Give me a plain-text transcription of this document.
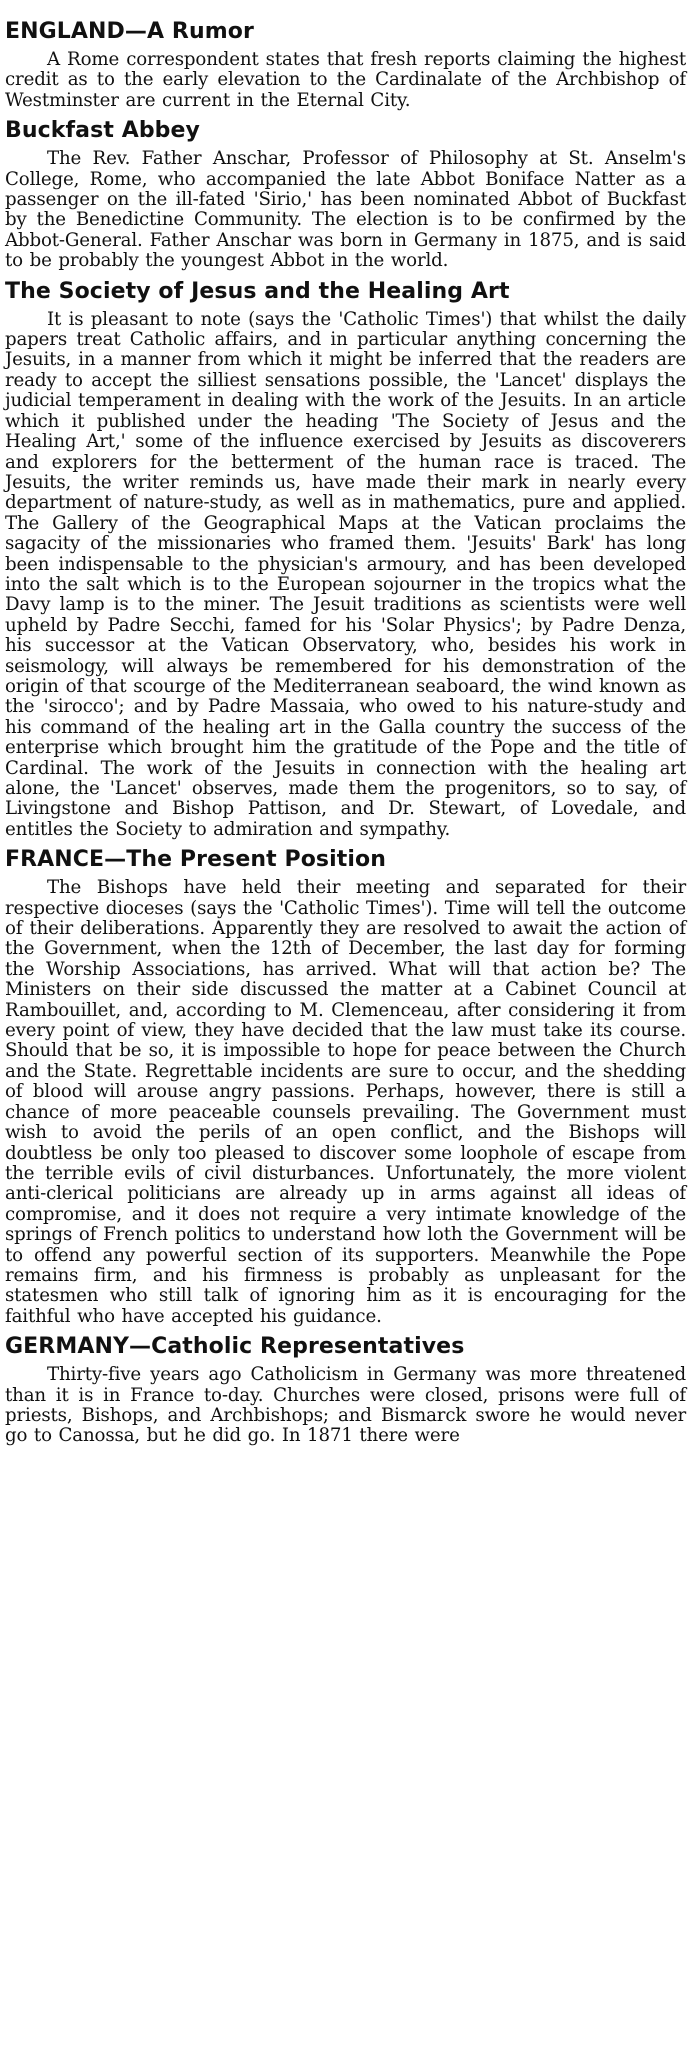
ENGLAND—A Rumor

A Rome correspondent states that fresh reports claiming the highest credit as to the early elevation to the Cardinalate of the Archbishop of Westminster are current in the Eternal City.

Buckfast Abbey

The Rev. Father Anschar, Professor of Philosophy at St. Anselm's College, Rome, who accompanied the late Abbot Boniface Natter as a passenger on the ill-fated 'Sirio,' has been nominated Abbot of Buckfast by the Benedictine Community. The election is to be confirmed by the Abbot-General. Father Anschar was born in Germany in 1875, and is said to be probably the youngest Abbot in the world.

The Society of Jesus and the Healing Art

It is pleasant to note (says the 'Catholic Times') that whilst the daily papers treat Catholic affairs, and in particular anything concerning the Jesuits, in a manner from which it might be inferred that the readers are ready to accept the silliest sensations possible, the 'Lancet' displays the judicial temperament in dealing with the work of the Jesuits. In an article which it published under the heading 'The Society of Jesus and the Healing Art,' some of the influence exercised by Jesuits as discoverers and explorers for the betterment of the human race is traced. The Jesuits, the writer reminds us, have made their mark in nearly every department of nature-study, as well as in mathematics, pure and applied. The Gallery of the Geographical Maps at the Vatican proclaims the sagacity of the missionaries who framed them. 'Jesuits' Bark' has long been indispensable to the physician's armoury, and has been developed into the salt which is to the European sojourner in the tropics what the Davy lamp is to the miner. The Jesuit traditions as scientists were well upheld by Padre Secchi, famed for his 'Solar Physics'; by Padre Denza, his successor at the Vatican Observatory, who, besides his work in seismology, will always be remembered for his demonstration of the origin of that scourge of the Mediterranean seaboard, the wind known as the 'sirocco'; and by Padre Massaia, who owed to his nature-study and his command of the healing art in the Galla country the success of the enterprise which brought him the gratitude of the Pope and the title of Cardinal. The work of the Jesuits in connection with the healing art alone, the 'Lancet' observes, made them the progenitors, so to say, of Livingstone and Bishop Pattison, and Dr. Stewart, of Lovedale, and entitles the Society to admiration and sympathy.

FRANCE—The Present Position

The Bishops have held their meeting and separated for their respective dioceses (says the 'Catholic Times'). Time will tell the outcome of their deliberations. Apparently they are resolved to await the action of the Government, when the 12th of December, the last day for forming the Worship Associations, has arrived. What will that action be? The Ministers on their side discussed the matter at a Cabinet Council at Rambouillet, and, according to M. Clemenceau, after considering it from every point of view, they have decided that the law must take its course. Should that be so, it is impossible to hope for peace between the Church and the State. Regrettable incidents are sure to occur, and the shedding of blood will arouse angry passions. Perhaps, however, there is still a chance of more peaceable counsels prevailing. The Government must wish to avoid the perils of an open conflict, and the Bishops will doubtless be only too pleased to discover some loophole of escape from the terrible evils of civil disturbances. Unfortunately, the more violent anti-clerical politicians are already up in arms against all ideas of compromise, and it does not require a very intimate knowledge of the springs of French politics to understand how loth the Government will be to offend any powerful section of its supporters. Meanwhile the Pope remains firm, and his firmness is probably as unpleasant for the statesmen who still talk of ignoring him as it is encouraging for the faithful who have accepted his guidance.

GERMANY—Catholic Representatives

Thirty-five years ago Catholicism in Germany was more threatened than it is in France to-day. Churches were closed, prisons were full of priests, Bishops, and Archbishops; and Bismarck swore he would never go to Canossa, but he did go. In 1871 there were
